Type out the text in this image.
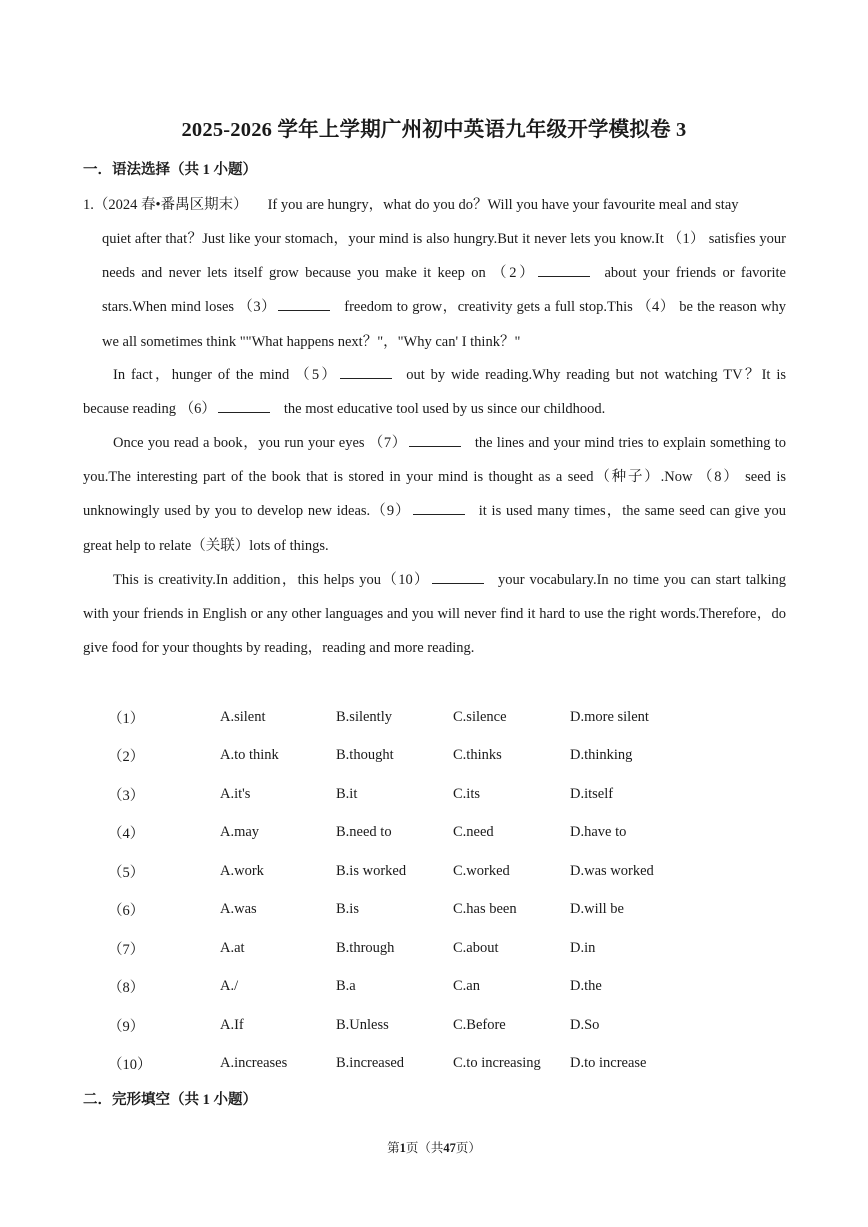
2025-2026 学年上学期广州初中英语九年级开学模拟卷 3
一．语法选择（共 1 小题）
1.（2024 春•番禺区期末） If you are hungry，what do you do？Will you have your favourite meal and stay
quiet after that？Just like your stomach，your mind is also hungry.But it never lets you know.It （1） satisfies your needs and never lets itself grow because you make it keep on （2）	about your friends or favorite stars.When mind loses （3）	freedom to grow，creativity gets a full stop.This （4） be the reason why we all sometimes think ""What happens next？"，"Why can' I think？"
In fact，hunger of the mind （5）	out by wide reading.Why reading but not watching TV？It is because reading （6）	the most educative tool used by us since our childhood.
Once you read a book，you run your eyes （7）	the lines and your mind tries to explain something to you.The interesting part of the book that is stored in your mind is thought as a seed（种子）.Now （8） seed is unknowingly used by you to develop new ideas.（9）	it is used many times，the same seed can give you great help to relate（关联）lots of things.
This is creativity.In addition，this helps you（10）	your vocabulary.In no time you can start talking with your friends in English or any other languages and you will never find it hard to use the right words.Therefore，do give food for your thoughts by reading，reading and more reading.
（1）	A.silent	B.silently	C.silence	D.more silent
（2）	A.to think	B.thought	C.thinks	D.thinking
（3）	A.it's	B.it	C.its	D.itself
（4）	A.may	B.need to	C.need	D.have to
（5）	A.work	B.is worked	C.worked	D.was worked
（6）	A.was	B.is	C.has been	D.will be
（7）	A.at	B.through	C.about	D.in
（8）	A./	B.a	C.an	D.the
（9）	A.If	B.Unless	C.Before	D.So
（10）	A.increases	B.increased	C.to increasing	D.to increase
二．完形填空（共 1 小题）
第1页（共47页）
